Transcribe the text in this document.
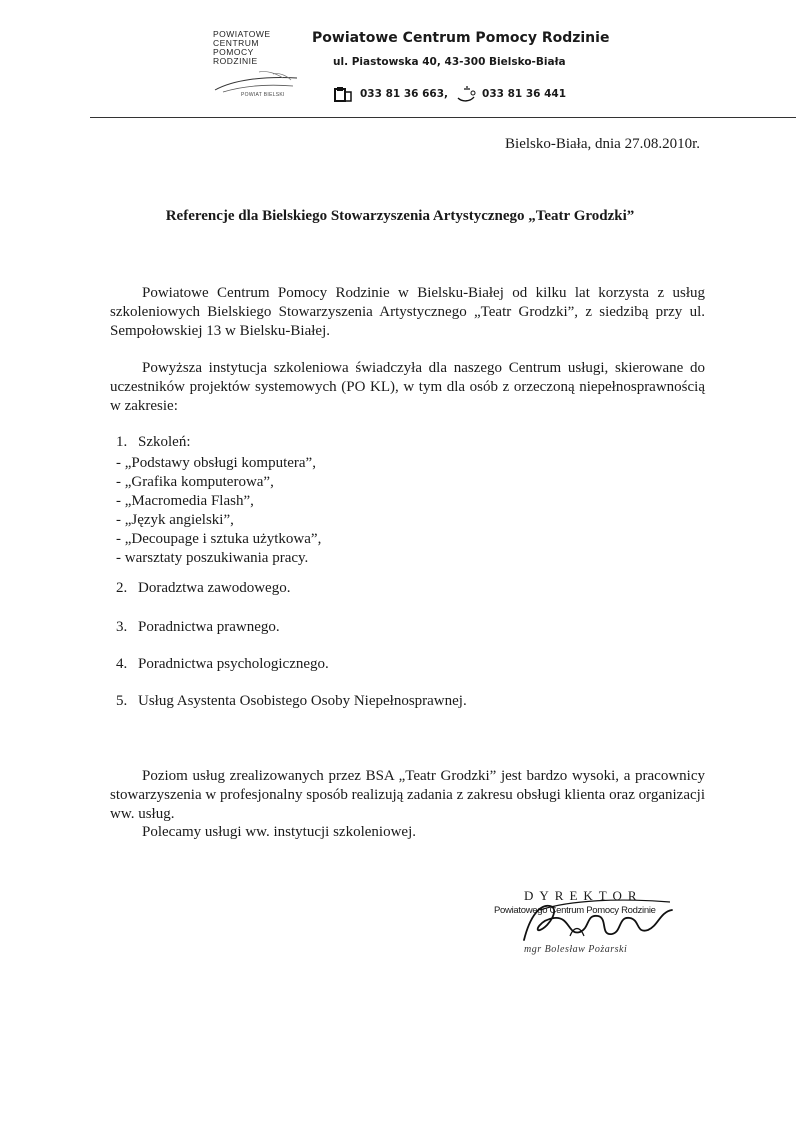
POWIATOWE
CENTRUM
POMOCY
RODZINIE
POWIAT BIELSKI
Powiatowe Centrum Pomocy Rodzinie
ul. Piastowska 40, 43-300 Bielsko-Biała
033 81 36 663,	033 81 36 441
Bielsko-Biała, dnia 27.08.2010r.
Referencje dla Bielskiego Stowarzyszenia Artystycznego „Teatr Grodzki”

Powiatowe Centrum Pomocy Rodzinie w Bielsku-Białej od kilku lat korzysta z usług szkoleniowych Bielskiego Stowarzyszenia Artystycznego „Teatr Grodzki”, z siedzibą przy ul. Sempołowskiej 13 w Bielsku-Białej.

Powyższa instytucja szkoleniowa świadczyła dla naszego Centrum usługi, skierowane do uczestników projektów systemowych (PO KL), w tym dla osób z orzeczoną niepełnosprawnością w zakresie:

1. Szkoleń:
- „Podstawy obsługi komputera”,
- „Grafika komputerowa”,
- „Macromedia Flash”,
- „Język angielski”,
- „Decoupage i sztuka użytkowa”,
- warsztaty poszukiwania pracy.
2. Doradztwa zawodowego.
3. Poradnictwa prawnego.
4. Poradnictwa psychologicznego.
5. Usług Asystenta Osobistego Osoby Niepełnosprawnej.

Poziom usług zrealizowanych przez BSA „Teatr Grodzki” jest bardzo wysoki, a pracownicy stowarzyszenia w profesjonalny sposób realizują zadania z zakresu obsługi klienta oraz organizacji ww. usług.

Polecamy usługi ww. instytucji szkoleniowej.
DYREKTOR
Powiatowego Centrum Pomocy Rodzinie
mgr Bolesław Pożarski
